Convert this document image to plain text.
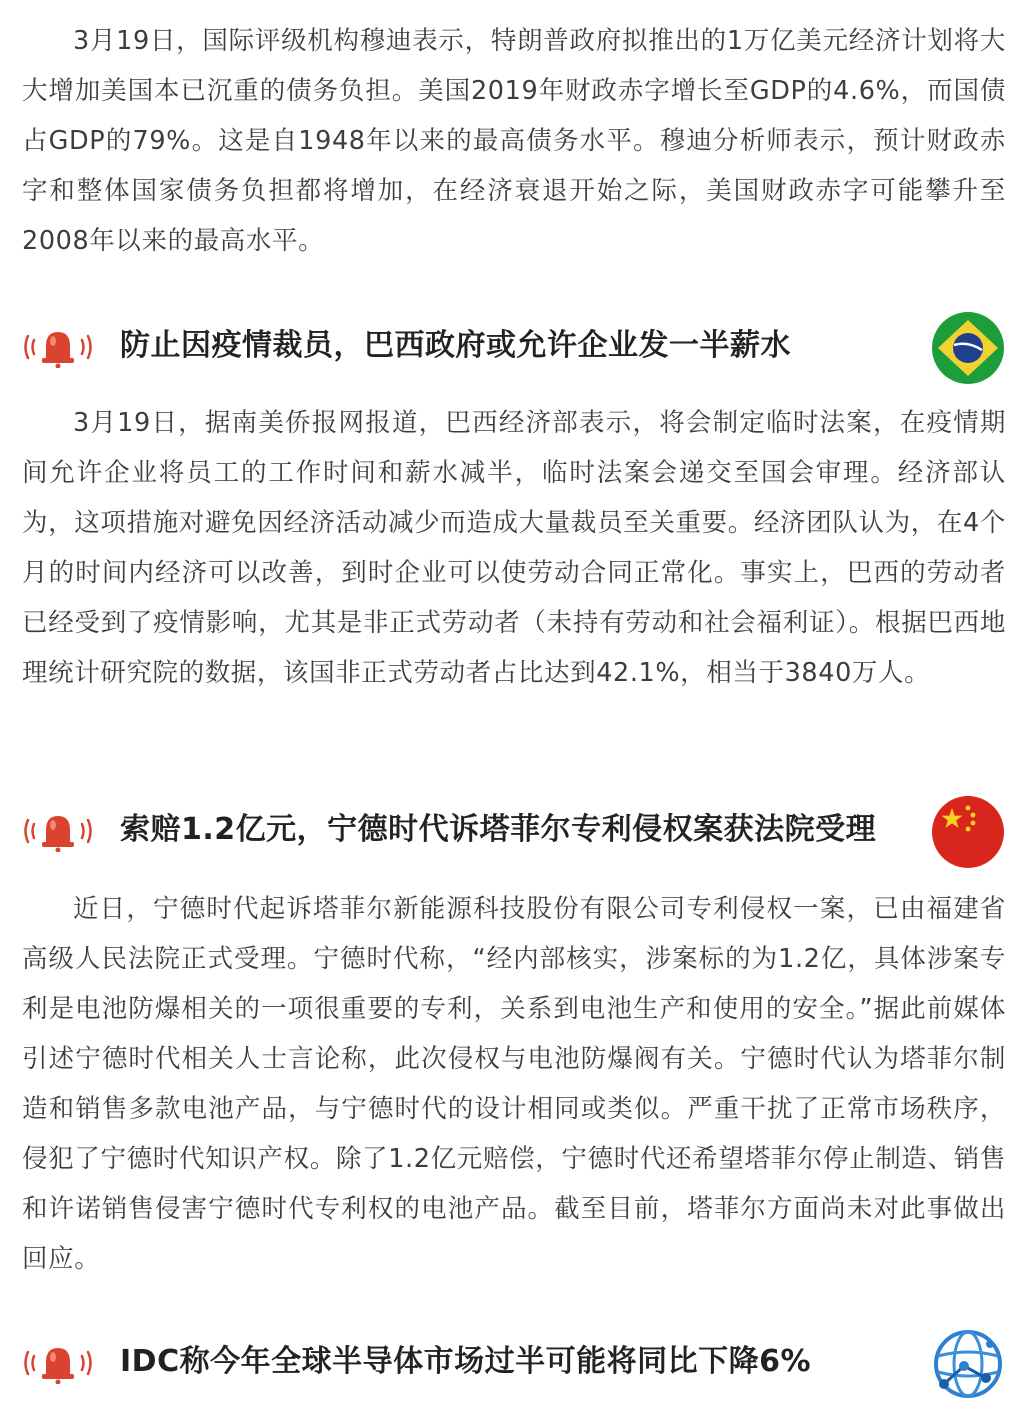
3月19日，国际评级机构穆迪表示，特朗普政府拟推出的1万亿美元经济计划将大大增加美国本已沉重的债务负担。美国2019年财政赤字增长至GDP的4.6%，而国债占GDP的79%。这是自1948年以来的最高债务水平。穆迪分析师表示，预计财政赤字和整体国家债务负担都将增加，在经济衰退开始之际，美国财政赤字可能攀升至2008年以来的最高水平。

防止因疫情裁员，巴西政府或允许企业发一半薪水

3月19日，据南美侨报网报道，巴西经济部表示，将会制定临时法案，在疫情期间允许企业将员工的工作时间和薪水减半，临时法案会递交至国会审理。经济部认为，这项措施对避免因经济活动减少而造成大量裁员至关重要。经济团队认为，在4个月的时间内经济可以改善，到时企业可以使劳动合同正常化。事实上，巴西的劳动者已经受到了疫情影响，尤其是非正式劳动者（未持有劳动和社会福利证）。根据巴西地理统计研究院的数据，该国非正式劳动者占比达到42.1%，相当于3840万人。

索赔1.2亿元，宁德时代诉塔菲尔专利侵权案获法院受理

近日，宁德时代起诉塔菲尔新能源科技股份有限公司专利侵权一案，已由福建省高级人民法院正式受理。宁德时代称，“经内部核实，涉案标的为1.2亿，具体涉案专利是电池防爆相关的一项很重要的专利，关系到电池生产和使用的安全。”据此前媒体引述宁德时代相关人士言论称，此次侵权与电池防爆阀有关。宁德时代认为塔菲尔制造和销售多款电池产品，与宁德时代的设计相同或类似。严重干扰了正常市场秩序，侵犯了宁德时代知识产权。除了1.2亿元赔偿，宁德时代还希望塔菲尔停止制造、销售和许诺销售侵害宁德时代专利权的电池产品。截至目前，塔菲尔方面尚未对此事做出回应。

IDC称今年全球半导体市场过半可能将同比下降6%
